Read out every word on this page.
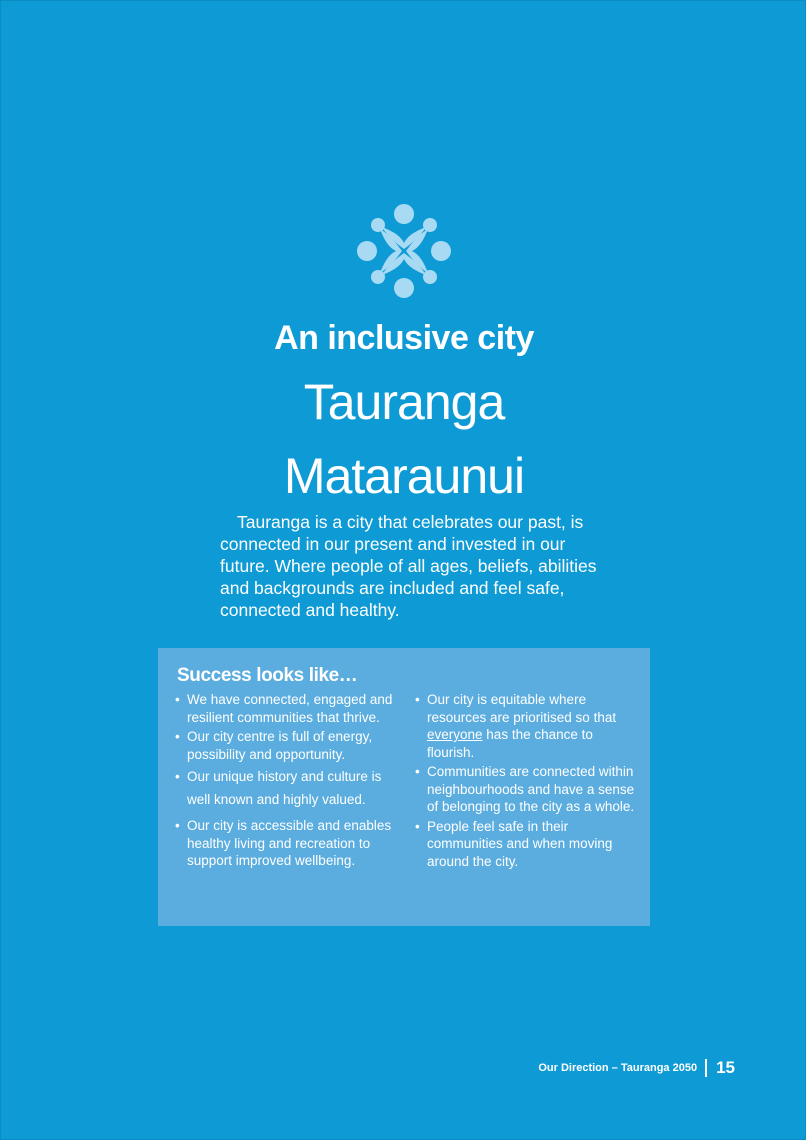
An inclusive city
Tauranga
Mataraunui
Tauranga is a city that celebrates our past, is connected in our present and invested in our future. Where people of all ages, beliefs, abilities and backgrounds are included and feel safe, connected and healthy.
Success looks like…
• We have connected, engaged and resilient communities that thrive.
• Our city centre is full of energy, possibility and opportunity.
• Our unique history and culture is well known and highly valued.
• Our city is accessible and enables healthy living and recreation to support improved wellbeing.
• Our city is equitable where resources are prioritised so that everyone has the chance to flourish.
• Communities are connected within neighbourhoods and have a sense of belonging to the city as a whole.
• People feel safe in their communities and when moving around the city.
Our Direction – Tauranga 2050 15
